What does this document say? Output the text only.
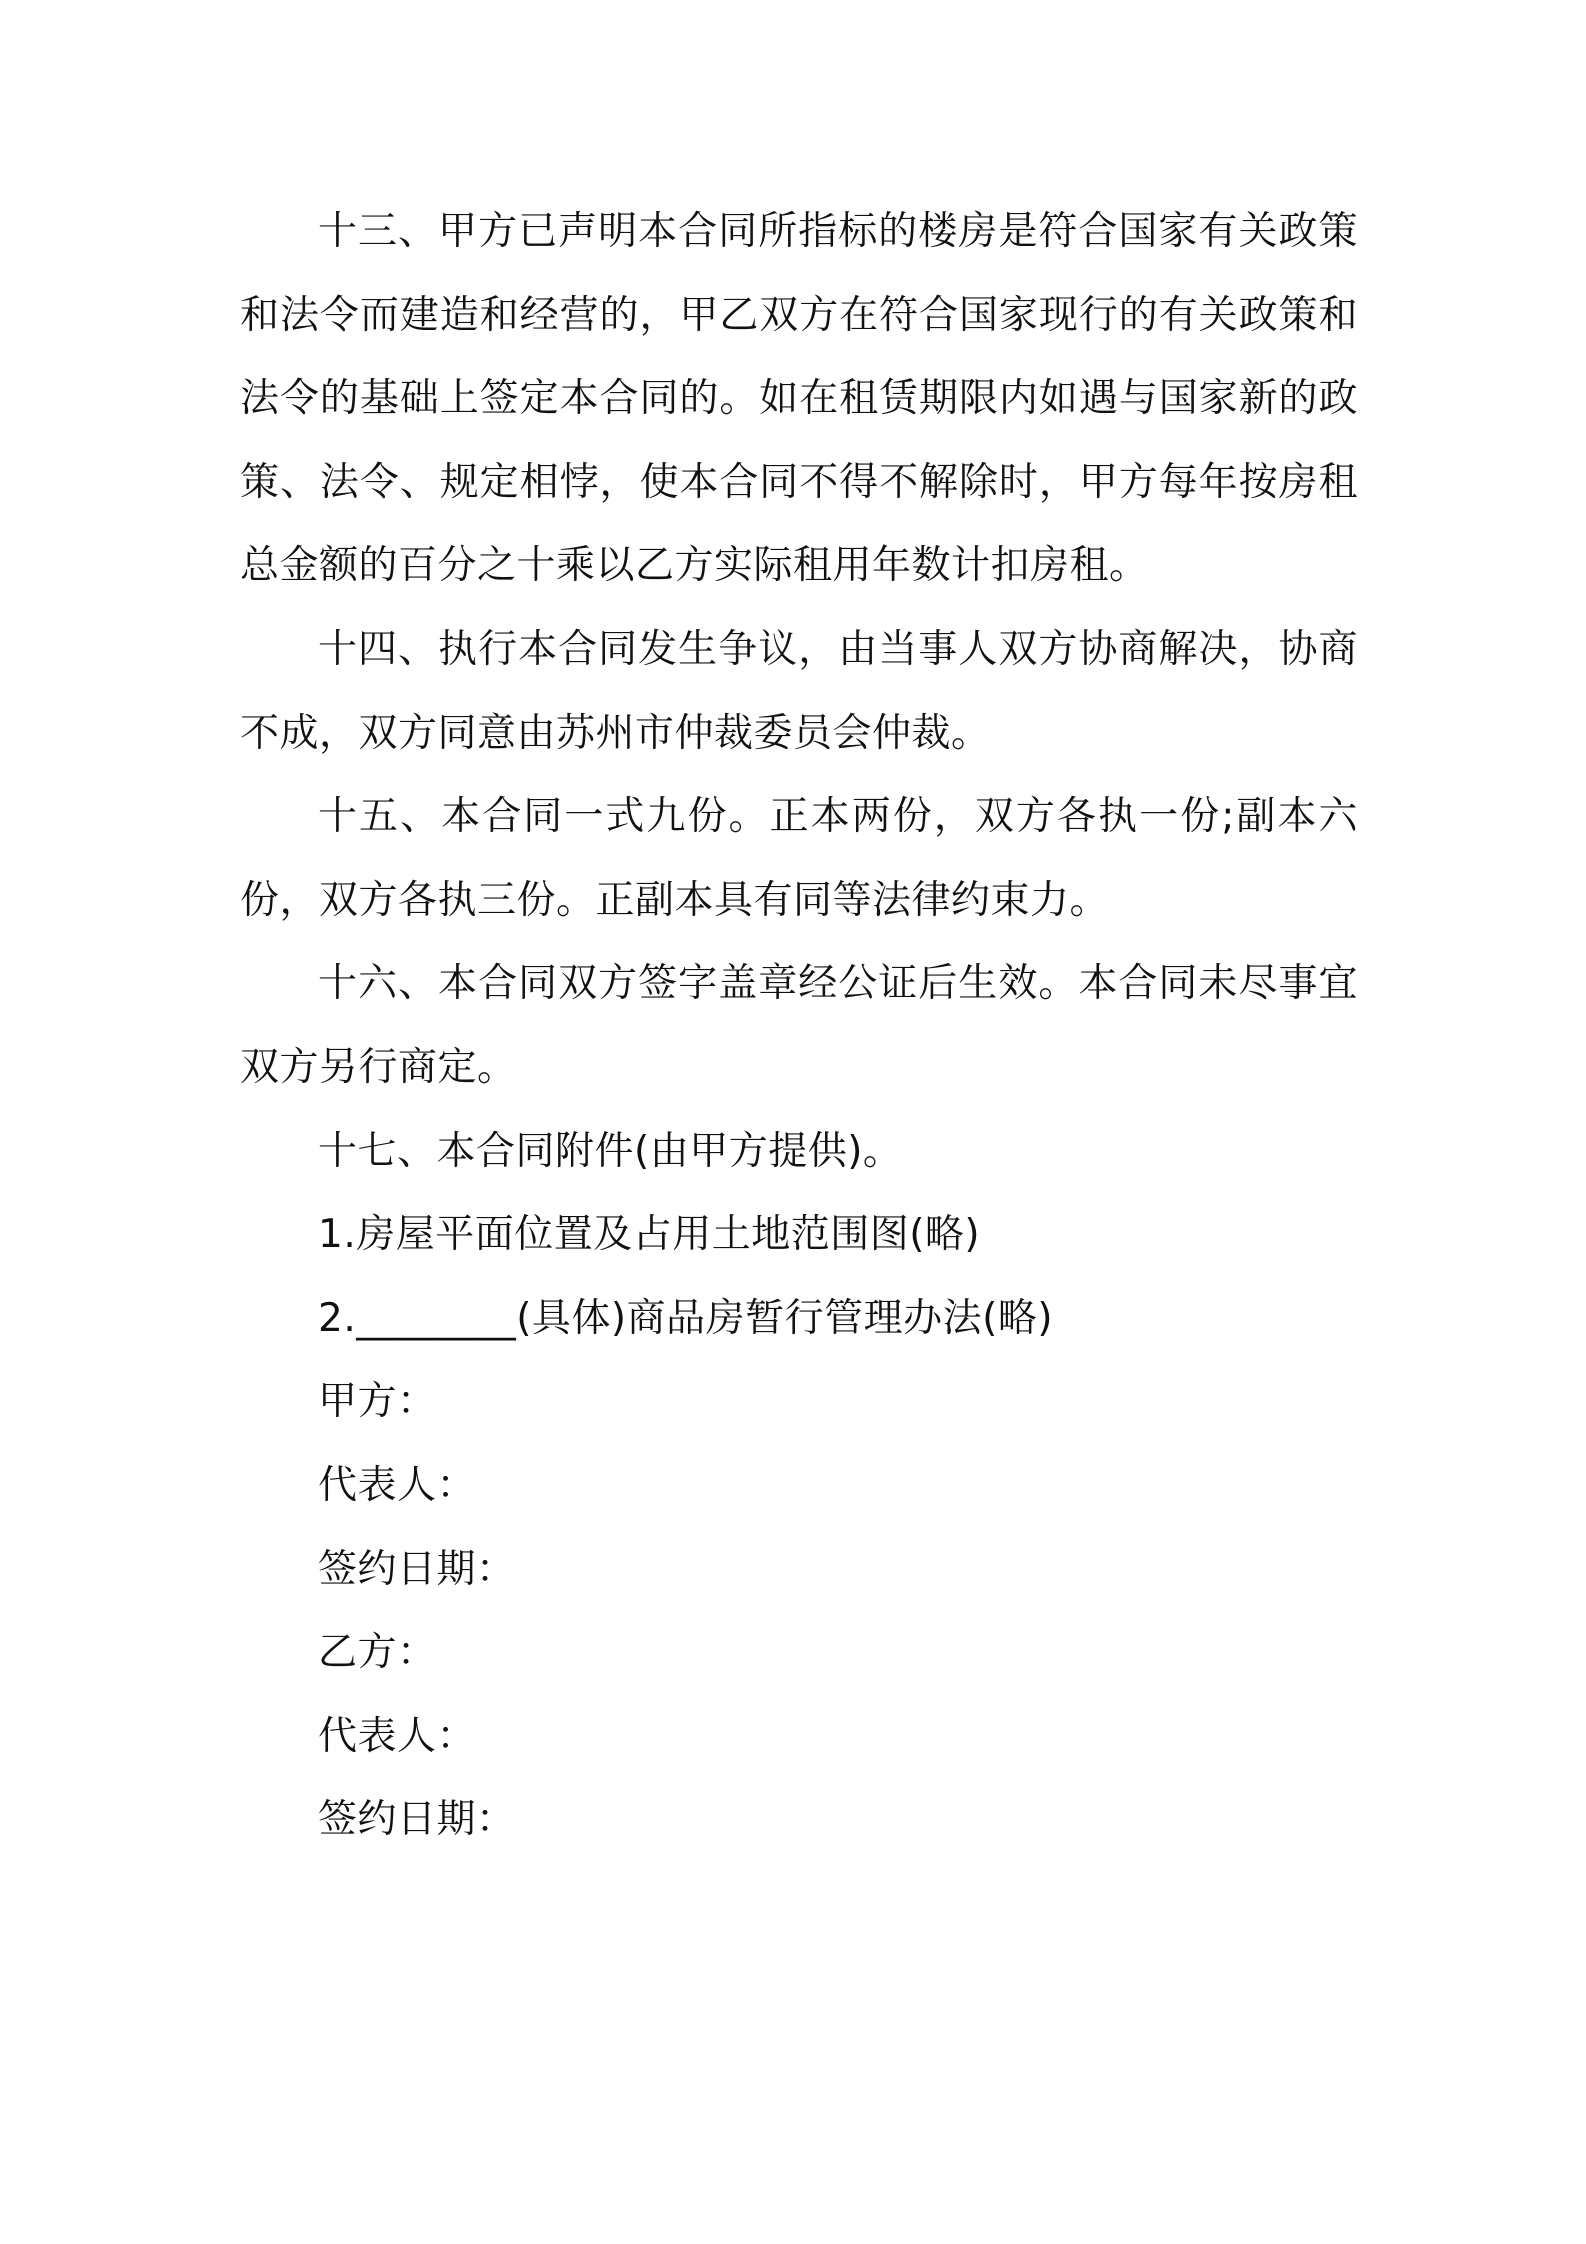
十三、甲方已声明本合同所指标的楼房是符合国家有关政策和法令而建造和经营的，甲乙双方在符合国家现行的有关政策和法令的基础上签定本合同的。如在租赁期限内如遇与国家新的政策、法令、规定相悖，使本合同不得不解除时，甲方每年按房租总金额的百分之十乘以乙方实际租用年数计扣房租。

十四、执行本合同发生争议，由当事人双方协商解决，协商不成，双方同意由苏州市仲裁委员会仲裁。

十五、本合同一式九份。正本两份，双方各执一份;副本六份，双方各执三份。正副本具有同等法律约束力。

十六、本合同双方签字盖章经公证后生效。本合同未尽事宜双方另行商定。

十七、本合同附件(由甲方提供)。

1.房屋平面位置及占用土地范围图(略)

2.________(具体)商品房暂行管理办法(略)

甲方：

代表人：

签约日期：

乙方：

代表人：

签约日期：
